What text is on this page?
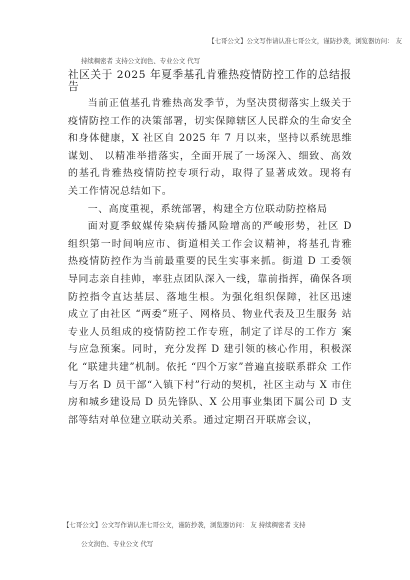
【七哥公文】公文写作请认准七哥公文，谨防抄袭，浏览器访问： 友
持续稠密者 支持公文润色、专业公文 代写
社区关于 2025 年夏季基孔肯雅热疫情防控工作的总结报告

当前正值基孔肯雅热高发季节，为坚决贯彻落实上级关于疫情防控工作的决策部署，切实保障辖区人民群众的生命安全和身体健康，X 社区自 2025 年 7 月以来，坚持以系统思维 谋划、 以精准举措落实，全面开展了一场深入、细致、高效 的基孔肯雅热疫情防控专项行动，取得了显著成效。现将有 关工作情况总结如下。

一、高度重视，系统部署，构建全方位联动防控格局

面对夏季蚊媒传染病传播风险增高的严峻形势，社区 D 组织第一时间响应市、街道相关工作会议精神，将基孔肯雅 热疫情防控作为当前最重要的民生实事来抓。街道 D 工委领 导同志亲自挂帅，率驻点团队深入一线，靠前指挥，确保各项 防控指令直达基层、落地生根。为强化组织保障，社区迅速 成立了由社区 “两委”班子、网格员、物业代表及卫生服务 站专业人员组成的疫情防控工作专班，制定了详尽的工作方 案与应急预案。同时，充分发挥 D 建引领的核心作用，积极深 化 “联建共建”机制。依托 “四个万家”普遍直接联系群众 工作与万名 D 员干部“入镇下村”行动的契机，社区主动与 X 市住房和城乡建设局 D 员先锋队、X 公用事业集团下属公司 D 支部等结对单位建立联动关系。通过定期召开联席会议，

【七哥公文】公文写作请认准七哥公文，谨防抄袭，浏览器访问： 友 持续稠密者 支持
公文润色、专业公文 代写
